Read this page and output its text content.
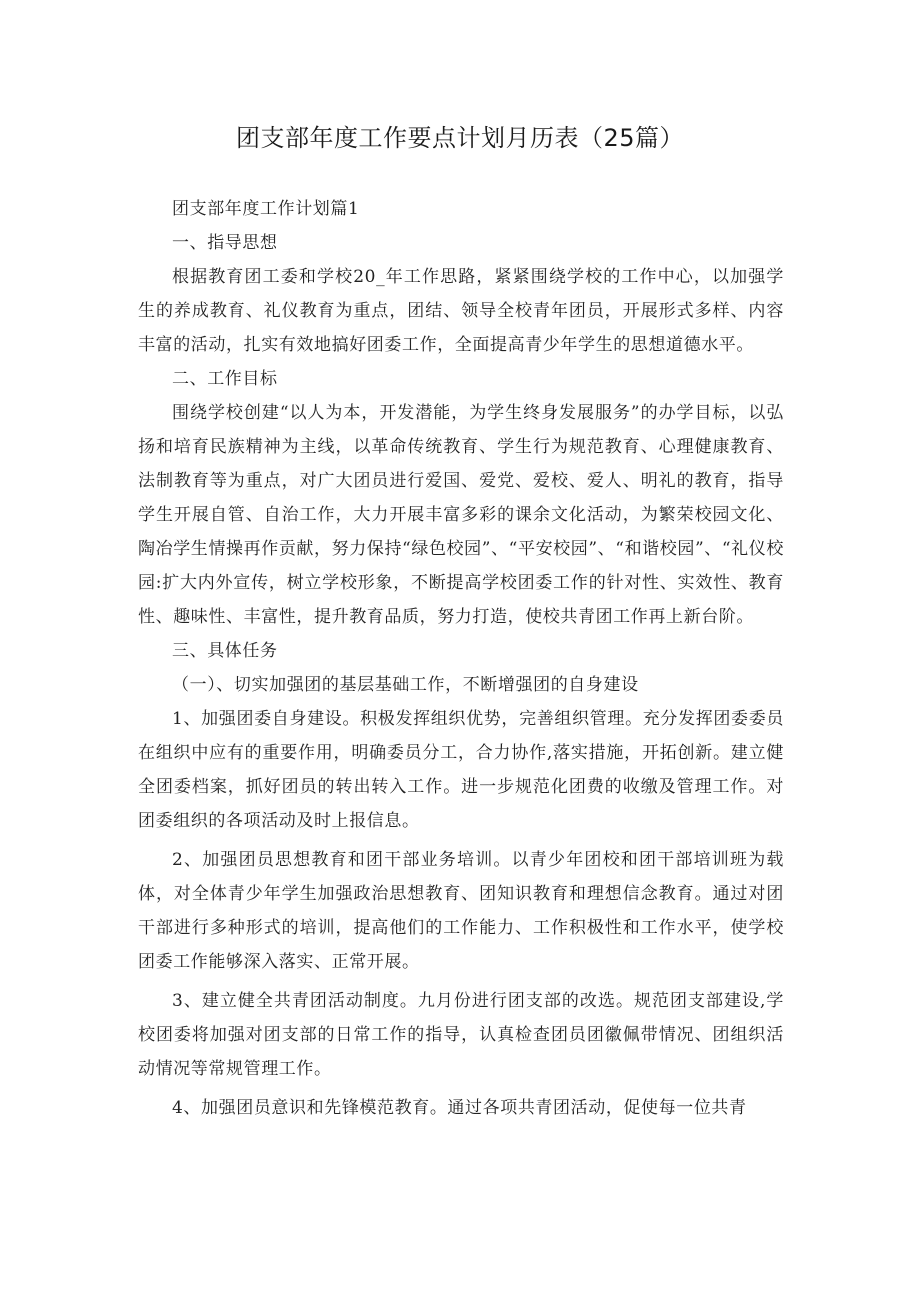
团支部年度工作要点计划月历表（25篇）

团支部年度工作计划篇1

一、指导思想

根据教育团工委和学校20_年工作思路，紧紧围绕学校的工作中心，以加强学生的养成教育、礼仪教育为重点，团结、领导全校青年团员，开展形式多样、内容丰富的活动，扎实有效地搞好团委工作，全面提高青少年学生的思想道德水平。

二、工作目标

围绕学校创建“以人为本，开发潜能，为学生终身发展服务”的办学目标，以弘扬和培育民族精神为主线，以革命传统教育、学生行为规范教育、心理健康教育、法制教育等为重点，对广大团员进行爱国、爱党、爱校、爱人、明礼的教育，指导学生开展自管、自治工作，大力开展丰富多彩的课余文化活动，为繁荣校园文化、陶冶学生情操再作贡献，努力保持“绿色校园”、“平安校园”、“和谐校园”、“礼仪校园:扩大内外宣传，树立学校形象，不断提高学校团委工作的针对性、实效性、教育性、趣味性、丰富性，提升教育品质，努力打造，使校共青团工作再上新台阶。

三、具体任务

（一）、切实加强团的基层基础工作，不断增强团的自身建设

1、加强团委自身建设。积极发挥组织优势，完善组织管理。充分发挥团委委员在组织中应有的重要作用，明确委员分工，合力协作,落实措施，开拓创新。建立健全团委档案，抓好团员的转出转入工作。进一步规范化团费的收缴及管理工作。对团委组织的各项活动及时上报信息。

2、加强团员思想教育和团干部业务培训。以青少年团校和团干部培训班为载体，对全体青少年学生加强政治思想教育、团知识教育和理想信念教育。通过对团干部进行多种形式的培训，提高他们的工作能力、工作积极性和工作水平，使学校团委工作能够深入落实、正常开展。

3、建立健全共青团活动制度。九月份进行团支部的改选。规范团支部建设,学校团委将加强对团支部的日常工作的指导，认真检查团员团徽佩带情况、团组织活动情况等常规管理工作。

4、加强团员意识和先锋模范教育。通过各项共青团活动，促使每一位共青
